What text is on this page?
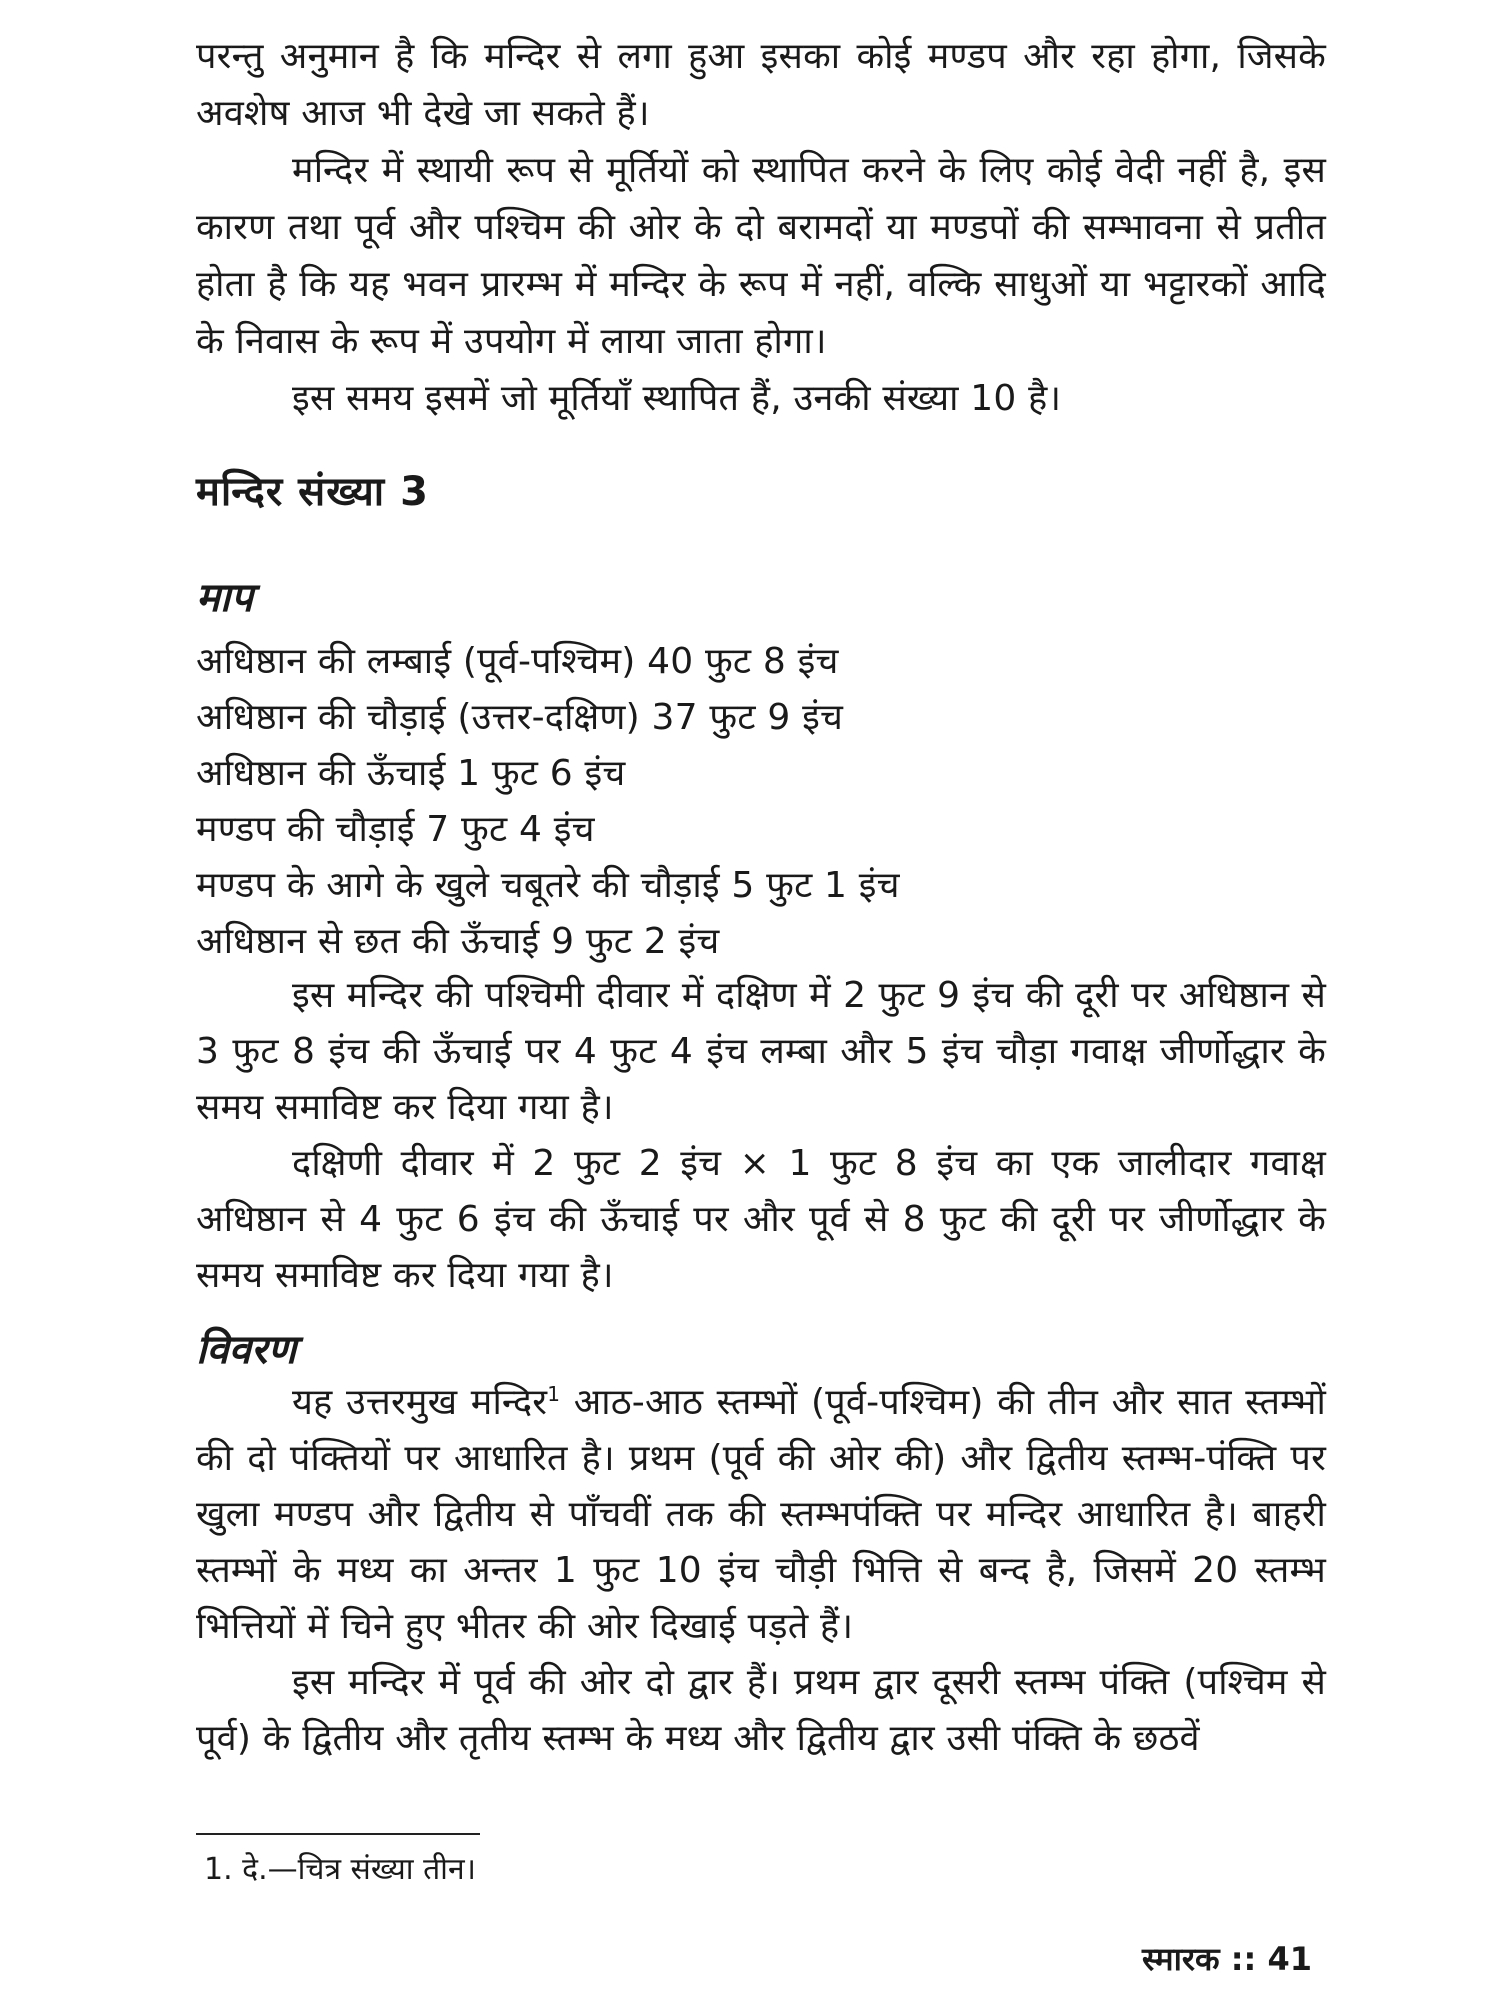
परन्तु अनुमान है कि मन्दिर से लगा हुआ इसका कोई मण्डप और रहा होगा, जिसके अवशेष आज भी देखे जा सकते हैं।

मन्दिर में स्थायी रूप से मूर्तियों को स्थापित करने के लिए कोई वेदी नहीं है, इस कारण तथा पूर्व और पश्चिम की ओर के दो बरामदों या मण्डपों की सम्भावना से प्रतीत होता है कि यह भवन प्रारम्भ में मन्दिर के रूप में नहीं, वल्कि साधुओं या भट्टारकों आदि के निवास के रूप में उपयोग में लाया जाता होगा।

इस समय इसमें जो मूर्तियाँ स्थापित हैं, उनकी संख्या 10 है।

मन्दिर संख्या 3
माप
अधिष्ठान की लम्बाई (पूर्व-पश्चिम) 40 फुट 8 इंच
अधिष्ठान की चौड़ाई (उत्तर-दक्षिण) 37 फुट 9 इंच
अधिष्ठान की ऊँचाई 1 फुट 6 इंच
मण्डप की चौड़ाई 7 फुट 4 इंच
मण्डप के आगे के खुले चबूतरे की चौड़ाई 5 फुट 1 इंच
अधिष्ठान से छत की ऊँचाई 9 फुट 2 इंच

इस मन्दिर की पश्चिमी दीवार में दक्षिण में 2 फुट 9 इंच की दूरी पर अधिष्ठान से 3 फुट 8 इंच की ऊँचाई पर 4 फुट 4 इंच लम्बा और 5 इंच चौड़ा गवाक्ष जीर्णोद्धार के समय समाविष्ट कर दिया गया है।

दक्षिणी दीवार में 2 फुट 2 इंच × 1 फुट 8 इंच का एक जालीदार गवाक्ष अधिष्ठान से 4 फुट 6 इंच की ऊँचाई पर और पूर्व से 8 फुट की दूरी पर जीर्णोद्धार के समय समाविष्ट कर दिया गया है।

विवरण

यह उत्तरमुख मन्दिर$^1$ आठ-आठ स्तम्भों (पूर्व-पश्चिम) की तीन और सात स्तम्भों की दो पंक्तियों पर आधारित है। प्रथम (पूर्व की ओर की) और द्वितीय स्तम्भ-पंक्ति पर खुला मण्डप और द्वितीय से पाँचवीं तक की स्तम्भपंक्ति पर मन्दिर आधारित है। बाहरी स्तम्भों के मध्य का अन्तर 1 फुट 10 इंच चौड़ी भित्ति से बन्द है, जिसमें 20 स्तम्भ भित्तियों में चिने हुए भीतर की ओर दिखाई पड़ते हैं।

इस मन्दिर में पूर्व की ओर दो द्वार हैं। प्रथम द्वार दूसरी स्तम्भ पंक्ति (पश्चिम से पूर्व) के द्वितीय और तृतीय स्तम्भ के मध्य और द्वितीय द्वार उसी पंक्ति के छठवें

1. दे.—चित्र संख्या तीन।
स्मारक :: 41
